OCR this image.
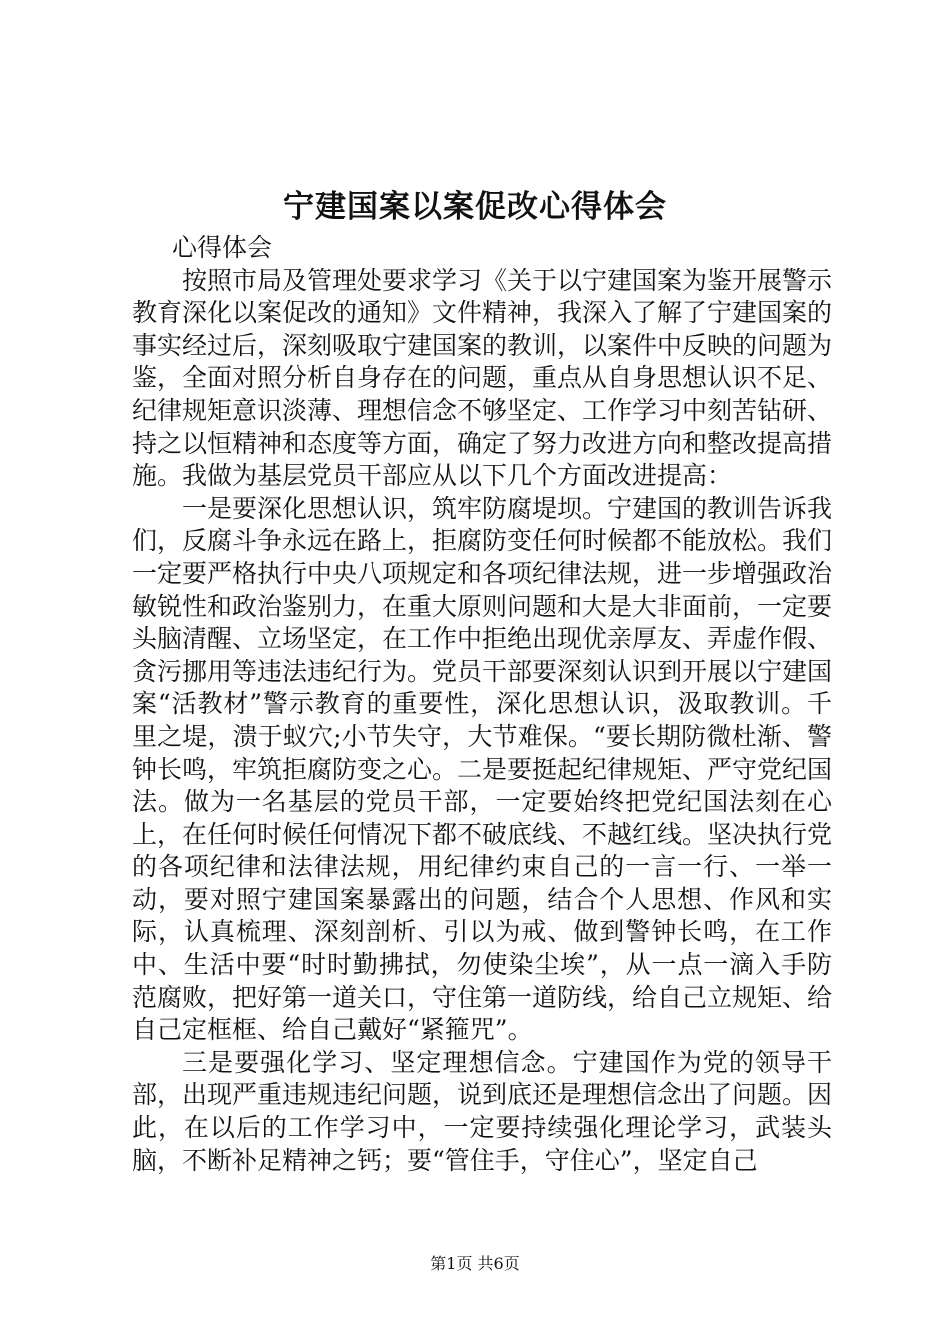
宁建国案以案促改心得体会

心得体会

按照市局及管理处要求学习《关于以宁建国案为鉴开展警示教育深化以案促改的通知》文件精神，我深入了解了宁建国案的事实经过后，深刻吸取宁建国案的教训，以案件中反映的问题为鉴，全面对照分析自身存在的问题，重点从自身思想认识不足、纪律规矩意识淡薄、理想信念不够坚定、工作学习中刻苦钻研、持之以恒精神和态度等方面，确定了努力改进方向和整改提高措施。我做为基层党员干部应从以下几个方面改进提高：

一是要深化思想认识，筑牢防腐堤坝。宁建国的教训告诉我们，反腐斗争永远在路上，拒腐防变任何时候都不能放松。我们一定要严格执行中央八项规定和各项纪律法规，进一步增强政治敏锐性和政治鉴别力，在重大原则问题和大是大非面前，一定要头脑清醒、立场坚定，在工作中拒绝出现优亲厚友、弄虚作假、贪污挪用等违法违纪行为。党员干部要深刻认识到开展以宁建国案“活教材”警示教育的重要性，深化思想认识，汲取教训。千里之堤，溃于蚁穴;小节失守，大节难保。“要长期防微杜渐、警钟长鸣，牢筑拒腐防变之心。二是要挺起纪律规矩、严守党纪国法。做为一名基层的党员干部，一定要始终把党纪国法刻在心上，在任何时候任何情况下都不破底线、不越红线。坚决执行党的各项纪律和法律法规，用纪律约束自己的一言一行、一举一动，要对照宁建国案暴露出的问题，结合个人思想、作风和实际，认真梳理、深刻剖析、引以为戒、做到警钟长鸣，在工作中、生活中要“时时勤拂拭，勿使染尘埃”，从一点一滴入手防范腐败，把好第一道关口，守住第一道防线，给自己立规矩、给自己定框框、给自己戴好“紧箍咒”。

三是要强化学习、坚定理想信念。宁建国作为党的领导干部，出现严重违规违纪问题，说到底还是理想信念出了问题。因此，在以后的工作学习中，一定要持续强化理论学习，武装头脑，不断补足精神之钙；要“管住手，守住心”，坚定自己

第1页 共6页
